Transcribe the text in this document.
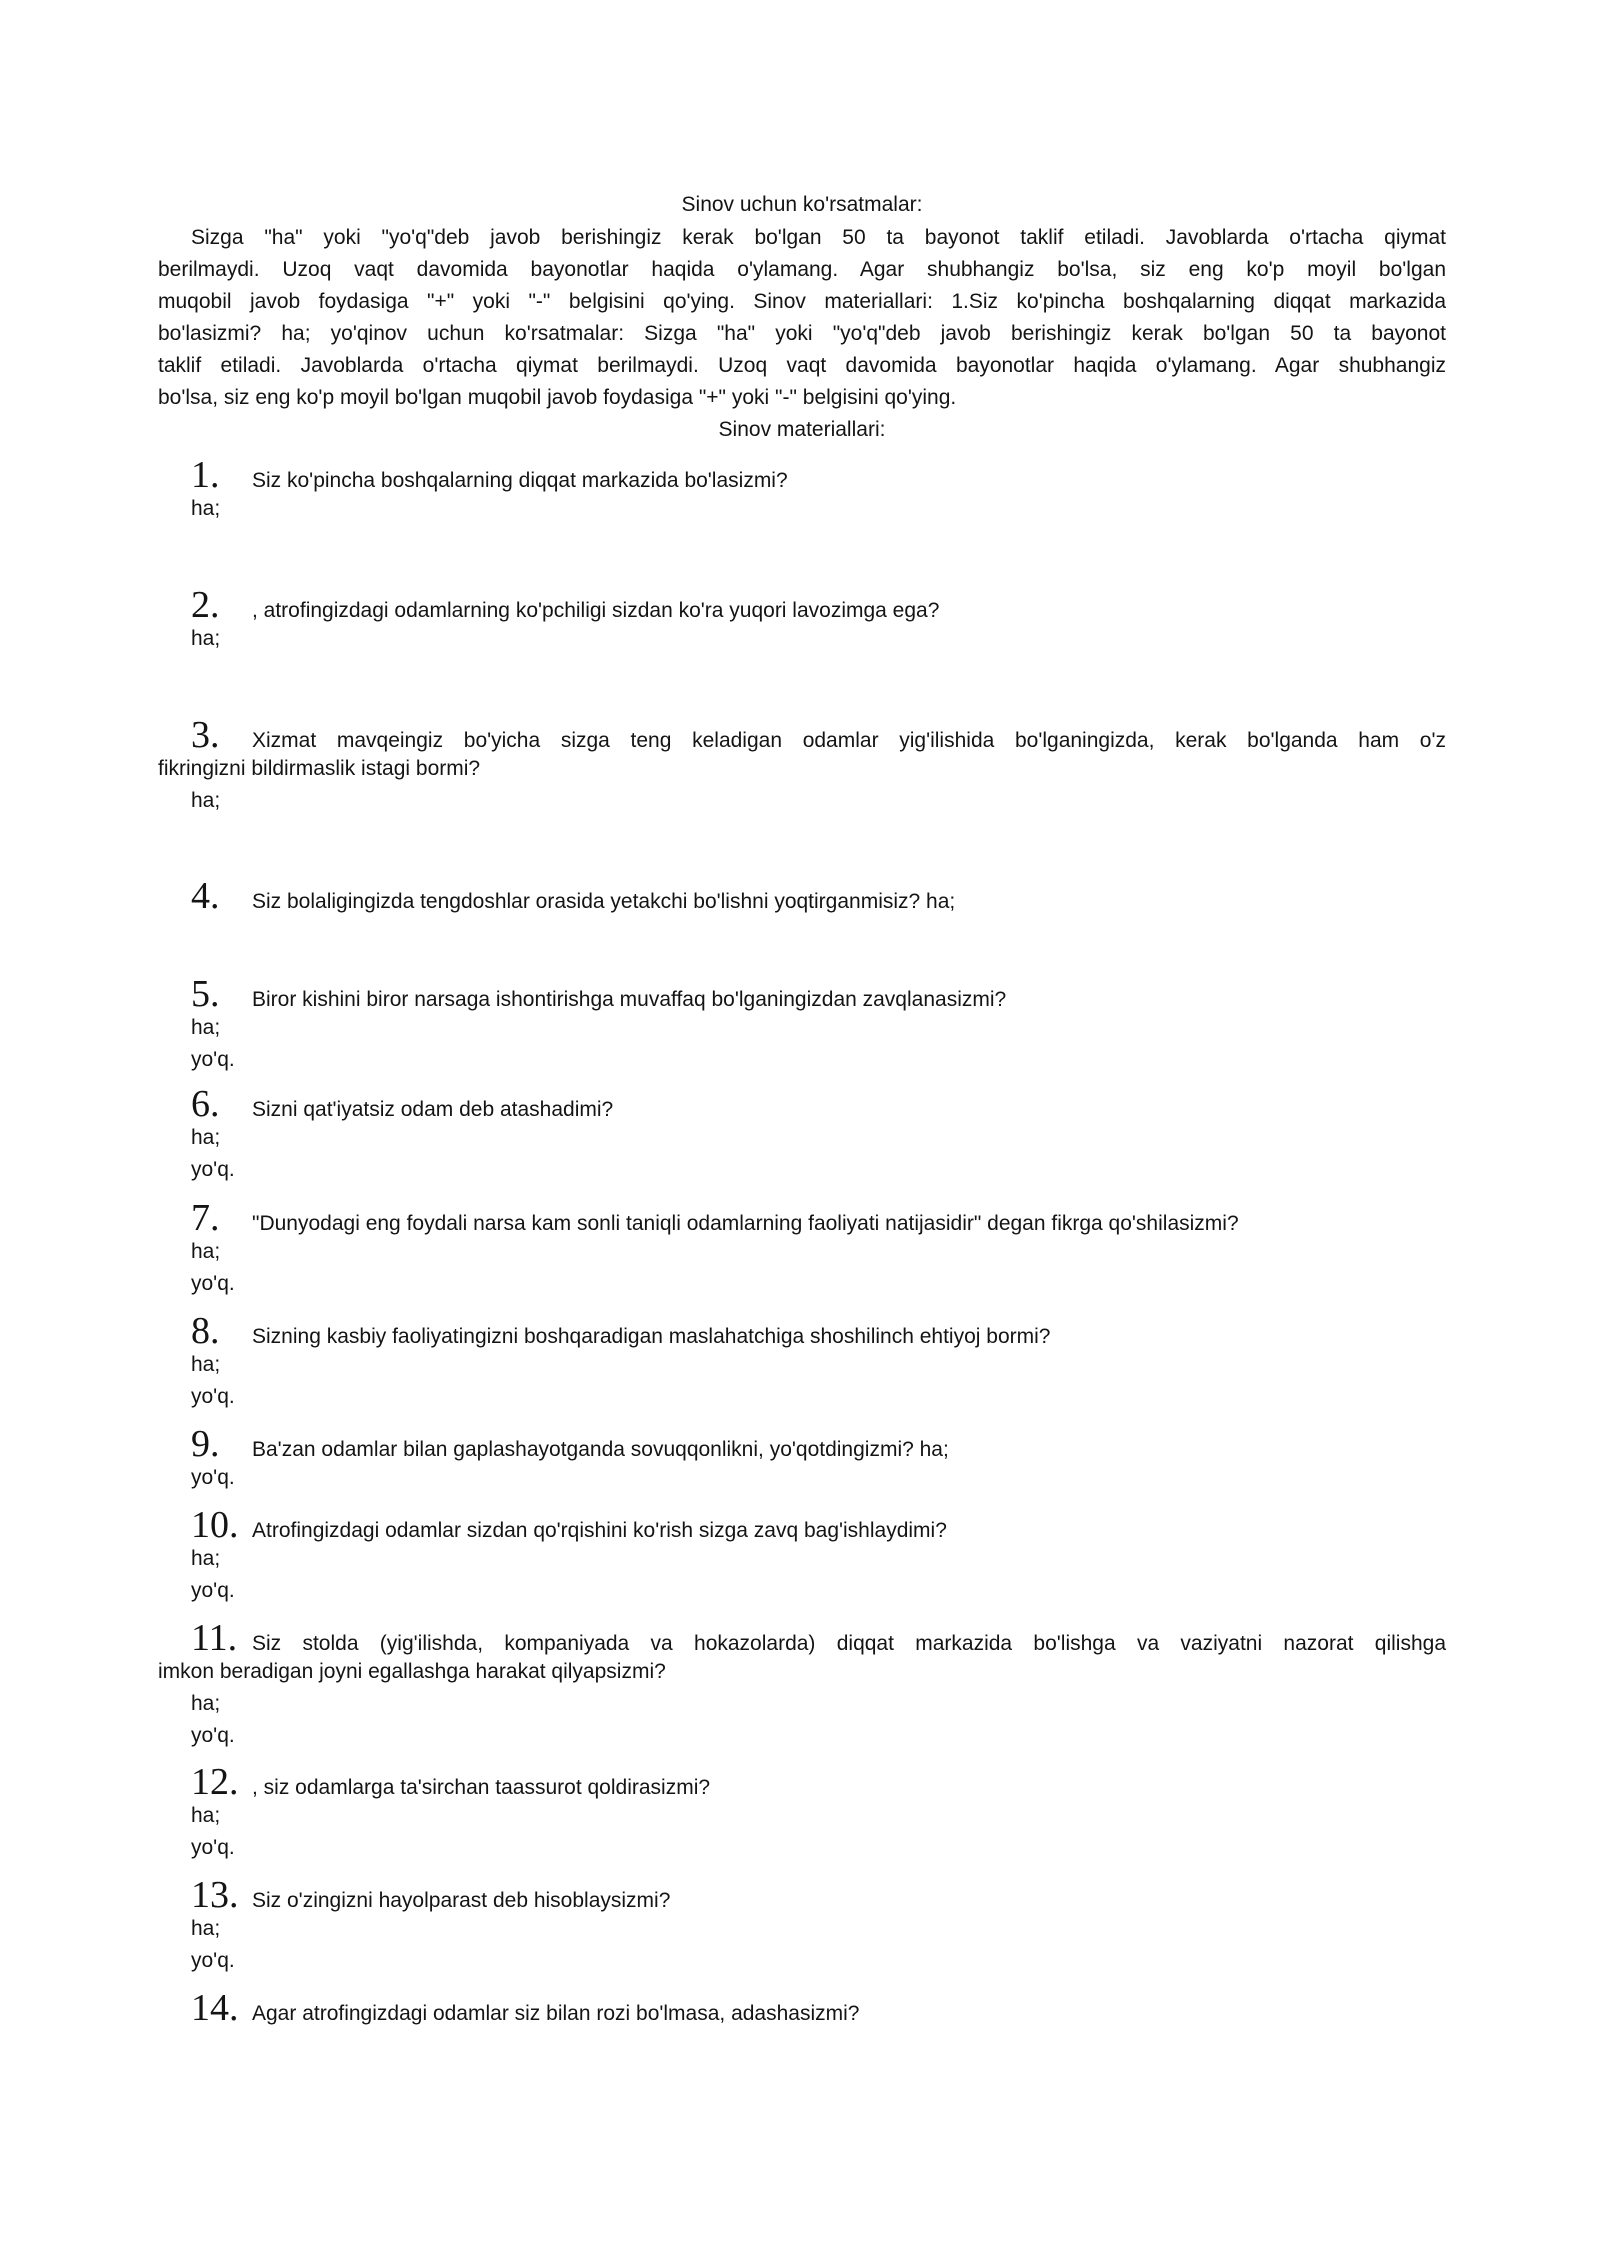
Sinov uchun ko'rsatmalar:
Sizga "ha" yoki "yo'q"deb javob berishingiz kerak bo'lgan 50 ta bayonot taklif etiladi. Javoblarda o'rtacha qiymat
berilmaydi. Uzoq vaqt davomida bayonotlar haqida o'ylamang. Agar shubhangiz bo'lsa, siz eng ko'p moyil bo'lgan
muqobil javob foydasiga "+" yoki "-" belgisini qo'ying. Sinov materiallari: 1.Siz ko'pincha boshqalarning diqqat markazida
bo'lasizmi? ha; yo'qinov uchun ko'rsatmalar: Sizga "ha" yoki "yo'q"deb javob berishingiz kerak bo'lgan 50 ta bayonot
taklif etiladi. Javoblarda o'rtacha qiymat berilmaydi. Uzoq vaqt davomida bayonotlar haqida o'ylamang. Agar shubhangiz
bo'lsa, siz eng ko'p moyil bo'lgan muqobil javob foydasiga "+" yoki "-" belgisini qo'ying.
Sinov materiallari:
1.	Siz ko'pincha boshqalarning diqqat markazida bo'lasizmi?
ha;
2.	, atrofingizdagi odamlarning ko'pchiligi sizdan ko'ra yuqori lavozimga ega?
ha;
3.	Xizmat mavqeingiz bo'yicha sizga teng keladigan odamlar yig'ilishida bo'lganingizda, kerak bo'lganda ham o'z
fikringizni bildirmaslik istagi bormi?
ha;
4.	Siz bolaligingizda tengdoshlar orasida yetakchi bo'lishni yoqtirganmisiz? ha;
5.	Biror kishini biror narsaga ishontirishga muvaffaq bo'lganingizdan zavqlanasizmi?
ha;
yo'q.
6.	Sizni qat'iyatsiz odam deb atashadimi?
ha;
yo'q.
7.	"Dunyodagi eng foydali narsa kam sonli taniqli odamlarning faoliyati natijasidir" degan fikrga qo'shilasizmi?
ha;
yo'q.
8.	Sizning kasbiy faoliyatingizni boshqaradigan maslahatchiga shoshilinch ehtiyoj bormi?
ha;
yo'q.
9.	Ba'zan odamlar bilan gaplashayotganda sovuqqonlikni, yo'qotdingizmi? ha;
yo'q.
10. Atrofingizdagi odamlar sizdan qo'rqishini ko'rish sizga zavq bag'ishlaydimi?
ha;
yo'q.
11. Siz stolda (yig'ilishda, kompaniyada va hokazolarda) diqqat markazida bo'lishga va vaziyatni nazorat qilishga
imkon beradigan joyni egallashga harakat qilyapsizmi?
ha;
yo'q.
12. , siz odamlarga ta'sirchan taassurot qoldirasizmi?
ha;
yo'q.
13. Siz o'zingizni hayolparast deb hisoblaysizmi?
ha;
yo'q.
14. Agar atrofingizdagi odamlar siz bilan rozi bo'lmasa, adashasizmi?
